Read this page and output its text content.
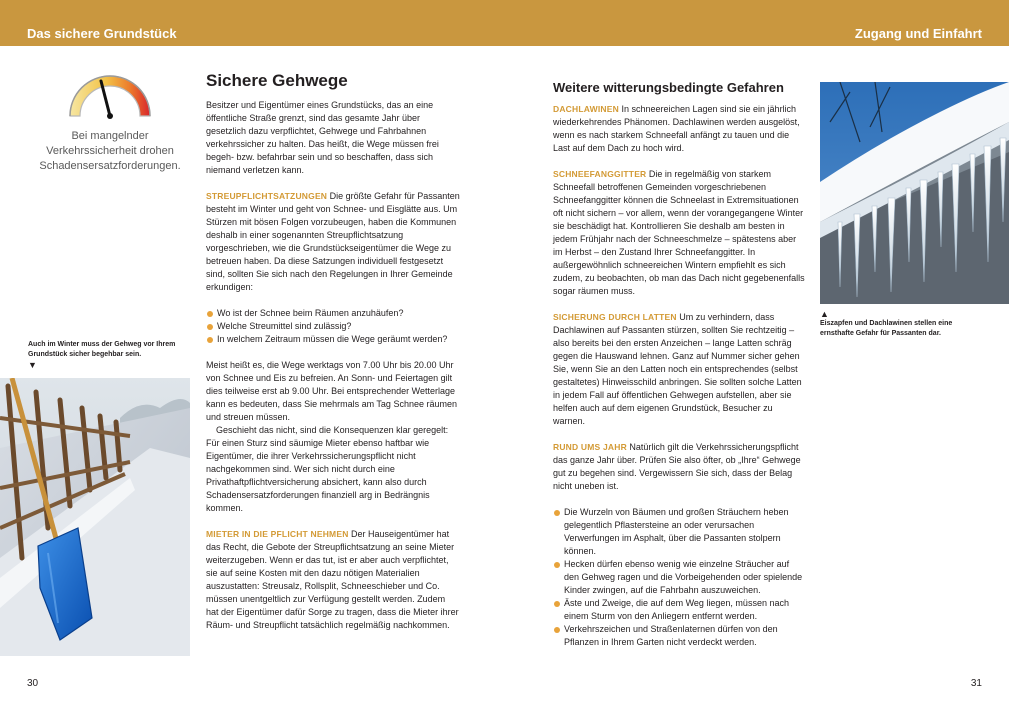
Das sichere Grundstück	Zugang und Einfahrt
Bei mangelnder Verkehrssicherheit drohen Schadensersatzforderungen.
Auch im Winter muss der Gehweg vor Ihrem Grundstück sicher begehbar sein.
▼
Sichere Gehwege

Besitzer und Eigentümer eines Grundstücks, das an eine öffentliche Straße grenzt, sind das gesamte Jahr über gesetzlich dazu verpflichtet, Gehwege und Fahrbahnen verkehrssicher zu halten. Das heißt, die Wege müssen frei begeh- bzw. befahrbar sein und so beschaffen, dass sich niemand verletzen kann.

STREUPFLICHTSATZUNGEN Die größte Gefahr für Passanten besteht im Winter und geht von Schnee- und Eisglätte aus. Um Stürzen mit bösen Folgen vorzubeugen, haben die Kommunen deshalb in einer sogenannten Streupflichtsatzung vorgeschrieben, wie die Grundstückseigentümer die Wege zu betreuen haben. Da diese Satzungen individuell festgesetzt sind, sollten Sie sich nach den Regelungen in Ihrer Gemeinde erkundigen:

Wo ist der Schnee beim Räumen anzuhäufen?
Welche Streumittel sind zulässig?
In welchem Zeitraum müssen die Wege geräumt werden?

Meist heißt es, die Wege werktags von 7.00 Uhr bis 20.00 Uhr von Schnee und Eis zu befreien. An Sonn- und Feiertagen gilt dies teilweise erst ab 9.00 Uhr. Bei entsprechender Wetterlage kann es bedeuten, dass Sie mehrmals am Tag Schnee räumen und streuen müssen.

Geschieht das nicht, sind die Konsequenzen klar geregelt: Für einen Sturz sind säumige Mieter ebenso haftbar wie Eigentümer, die ihrer Verkehrssicherungspflicht nicht nachgekommen sind. Wer sich nicht durch eine Privathaftpflichtversicherung absichert, kann also durch Schadensersatzforderungen finanziell arg in Bedrängnis kommen.

MIETER IN DIE PFLICHT NEHMEN Der Hauseigentümer hat das Recht, die Gebote der Streupflichtsatzung an seine Mieter weiterzugeben. Wenn er das tut, ist er aber auch verpflichtet, sie auf seine Kosten mit den dazu nötigen Materialien auszustatten: Streusalz, Rollsplit, Schneeschieber und Co. müssen unentgeltlich zur Verfügung gestellt werden. Zudem hat der Eigentümer dafür Sorge zu tragen, dass die Mieter ihrer Räum- und Streupflicht tatsächlich regelmäßig nachkommen.

Weitere witterungsbedingte Gefahren

DACHLAWINEN In schneereichen Lagen sind sie ein jährlich wiederkehrendes Phänomen. Dachlawinen werden ausgelöst, wenn es nach starkem Schneefall anfängt zu tauen und die Last auf dem Dach zu hoch wird.

SCHNEEFANGGITTER Die in regelmäßig von starkem Schneefall betroffenen Gemeinden vorgeschriebenen Schneefanggitter können die Schneelast in Extremsituationen oft nicht sichern – vor allem, wenn der vorangegangene Winter sie beschädigt hat. Kontrollieren Sie deshalb am besten in jedem Frühjahr nach der Schneeschmelze – spätestens aber im Herbst – den Zustand Ihrer Schneefanggitter. In außergewöhnlich schneereichen Wintern empfiehlt es sich zudem, zu beobachten, ob man das Dach nicht gegebenenfalls sogar räumen muss.

SICHERUNG DURCH LATTEN Um zu verhindern, dass Dachlawinen auf Passanten stürzen, sollten Sie rechtzeitig – also bereits bei den ersten Anzeichen – lange Latten schräg gegen die Hauswand lehnen. Ganz auf Nummer sicher gehen Sie, wenn Sie an den Latten noch ein entsprechendes (selbst gestaltetes) Hinweisschild anbringen. Sie sollten solche Latten in jedem Fall auf öffentlichen Gehwegen aufstellen, aber sie helfen auch auf dem eigenen Grundstück, Besucher zu warnen.

RUND UMS JAHR Natürlich gilt die Verkehrssicherungspflicht das ganze Jahr über. Prüfen Sie also öfter, ob „Ihre“ Gehwege gut zu begehen sind. Vergewissern Sie sich, dass der Belag nicht uneben ist.

Die Wurzeln von Bäumen und großen Sträuchern heben gelegentlich Pflastersteine an oder verursachen Verwerfungen im Asphalt, über die Passanten stolpern können.
Hecken dürfen ebenso wenig wie einzelne Sträucher auf den Gehweg ragen und die Vorbeigehenden oder spielende Kinder zwingen, auf die Fahrbahn auszuweichen.
Äste und Zweige, die auf dem Weg liegen, müssen nach einem Sturm von den Anliegern entfernt werden.
Verkehrszeichen und Straßenlaternen dürfen von den Pflanzen in Ihrem Garten nicht verdeckt werden.
▲
Eiszapfen und Dachlawinen stellen eine ernsthafte Gefahr für Passanten dar.
30	31
